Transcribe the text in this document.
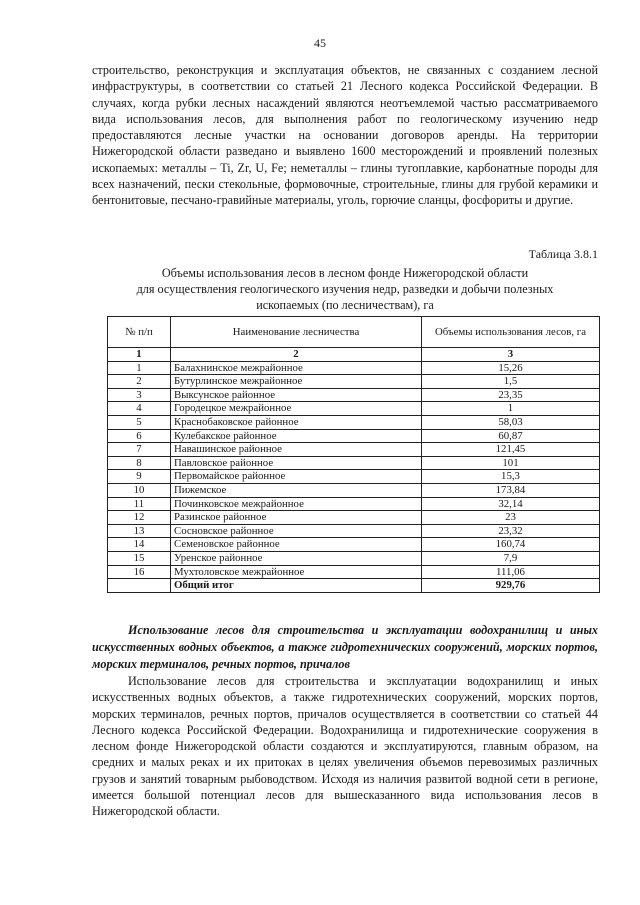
45

строительство, реконструкция и эксплуатация объектов, не связанных с созданием лесной инфраструктуры, в соответствии со статьей 21 Лесного кодекса Российской Федерации. В случаях, когда рубки лесных насаждений являются неотъемлемой частью рассматриваемого вида использования лесов, для выполнения работ по геологическому изучению недр предоставляются лесные участки на основании договоров аренды. На территории Нижегородской области разведано и выявлено 1600 месторождений и проявлений полезных ископаемых: металлы – Ti, Zr, U, Fe; неметаллы – глины тугоплавкие, карбонатные породы для всех назначений, пески стекольные, формовочные, строительные, глины для грубой керамики и бентонитовые, песчано-гравийные материалы, уголь, горючие сланцы, фосфориты и другие.

Таблица 3.8.1
Объемы использования лесов в лесном фонде Нижегородской области
для осуществления геологического изучения недр, разведки и добычи полезных
ископаемых (по лесничествам), га
№ п/п	Наименование лесничества	Объемы использования лесов, га
1	2	3
1	Балахнинское межрайонное	15,26
2	Бутурлинское межрайонное	1,5
3	Выксунское районное	23,35
4	Городецкое межрайонное	1
5	Краснобаковское районное	58,03
6	Кулебакское районное	60,87
7	Навашинское районное	121,45
8	Павловское районное	101
9	Первомайское районное	15,3
10	Пижемское	173,84
11	Починковское межрайонное	32,14
12	Разинское районное	23
13	Сосновское районное	23,32
14	Семеновское районное	160,74
15	Уренское районное	7,9
16	Мухтоловское межрайонное	111,06
	Общий итог	929,76

Использование лесов для строительства и эксплуатации водохранилищ и иных искусственных водных объектов, а также гидротехнических сооружений, морских портов, морских терминалов, речных портов, причалов

Использование лесов для строительства и эксплуатации водохранилищ и иных искусственных водных объектов, а также гидротехнических сооружений, морских портов, морских терминалов, речных портов, причалов осуществляется в соответствии со статьей 44 Лесного кодекса Российской Федерации. Водохранилища и гидротехнические сооружения в лесном фонде Нижегородской области создаются и эксплуатируются, главным образом, на средних и малых реках и их притоках в целях увеличения объемов перевозимых различных грузов и занятий товарным рыбоводством. Исходя из наличия развитой водной сети в регионе, имеется большой потенциал лесов для вышесказанного вида использования лесов в Нижегородской области.
